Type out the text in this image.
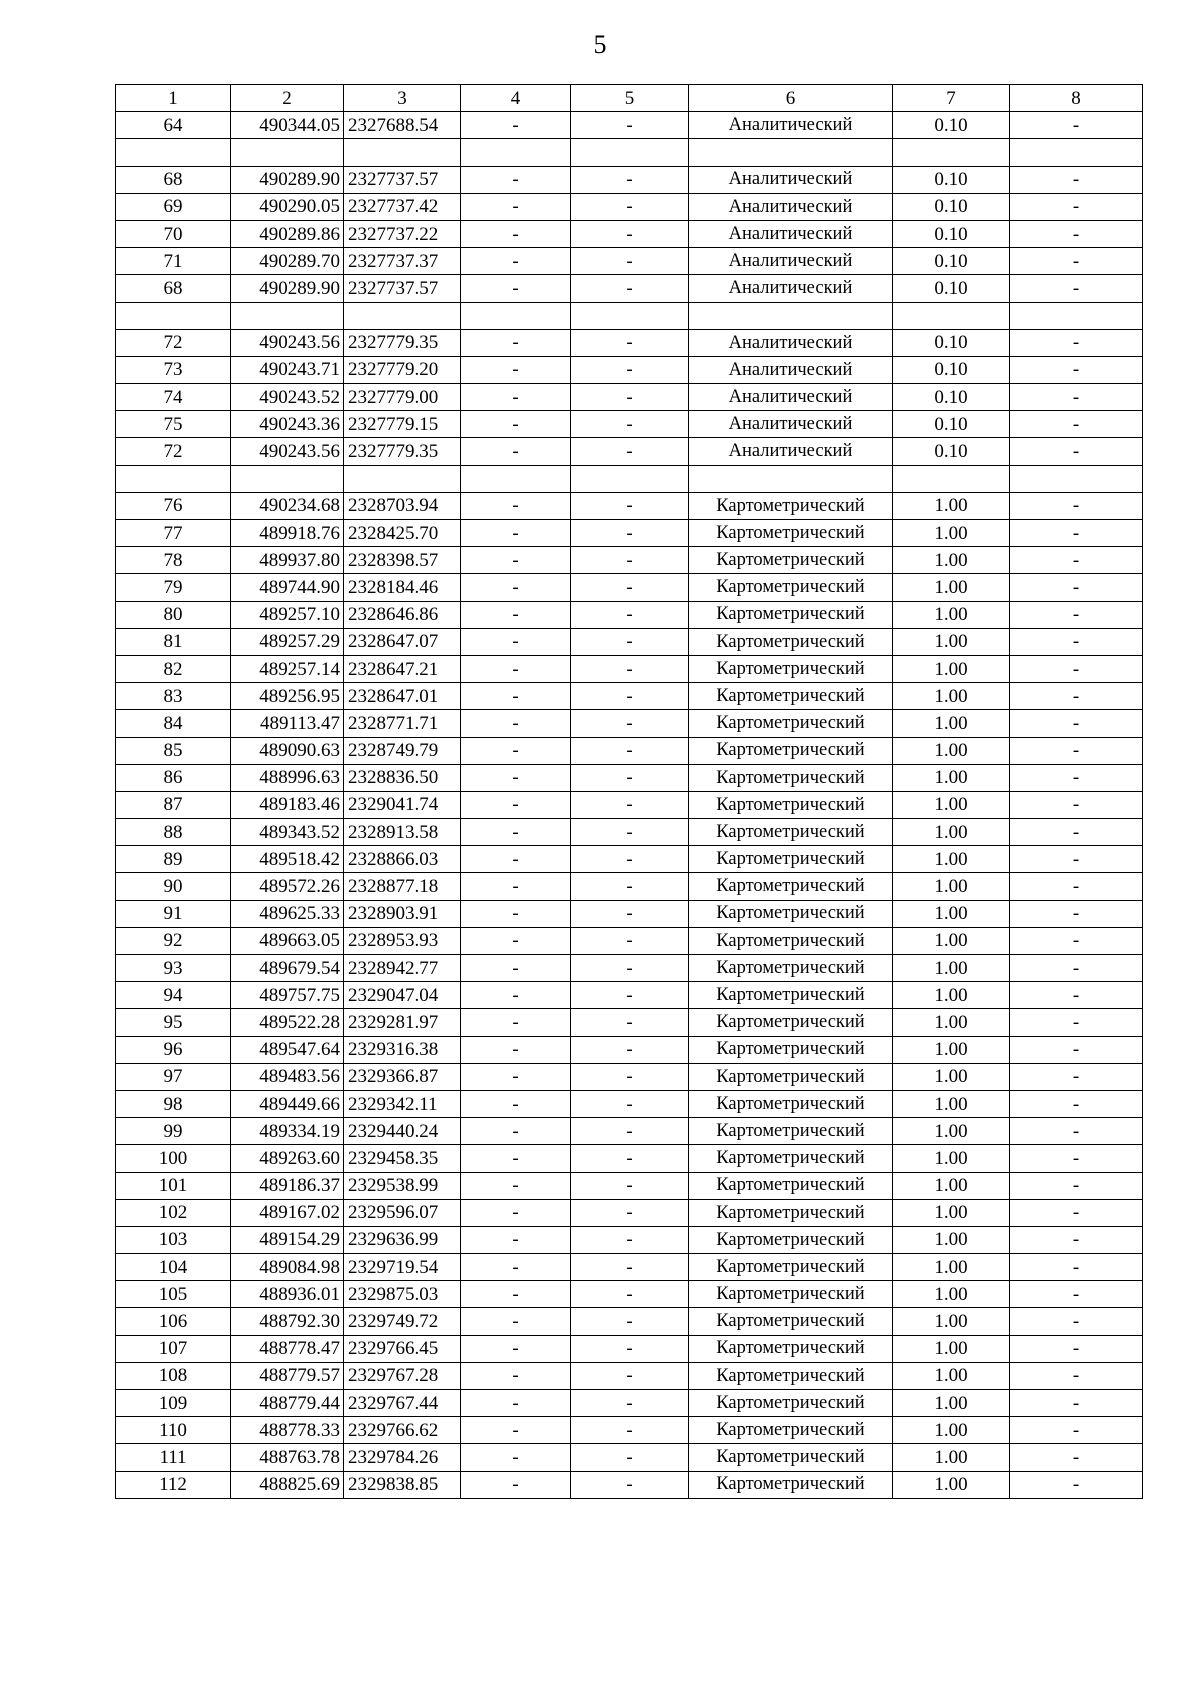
5
1	2	3	4	5	6	7	8
64	490344.05	2327688.54	-	-	Аналитический	0.10	-

68	490289.90	2327737.57	-	-	Аналитический	0.10	-
69	490290.05	2327737.42	-	-	Аналитический	0.10	-
70	490289.86	2327737.22	-	-	Аналитический	0.10	-
71	490289.70	2327737.37	-	-	Аналитический	0.10	-
68	490289.90	2327737.57	-	-	Аналитический	0.10	-

72	490243.56	2327779.35	-	-	Аналитический	0.10	-
73	490243.71	2327779.20	-	-	Аналитический	0.10	-
74	490243.52	2327779.00	-	-	Аналитический	0.10	-
75	490243.36	2327779.15	-	-	Аналитический	0.10	-
72	490243.56	2327779.35	-	-	Аналитический	0.10	-

76	490234.68	2328703.94	-	-	Картометрический	1.00	-
77	489918.76	2328425.70	-	-	Картометрический	1.00	-
78	489937.80	2328398.57	-	-	Картометрический	1.00	-
79	489744.90	2328184.46	-	-	Картометрический	1.00	-
80	489257.10	2328646.86	-	-	Картометрический	1.00	-
81	489257.29	2328647.07	-	-	Картометрический	1.00	-
82	489257.14	2328647.21	-	-	Картометрический	1.00	-
83	489256.95	2328647.01	-	-	Картометрический	1.00	-
84	489113.47	2328771.71	-	-	Картометрический	1.00	-
85	489090.63	2328749.79	-	-	Картометрический	1.00	-
86	488996.63	2328836.50	-	-	Картометрический	1.00	-
87	489183.46	2329041.74	-	-	Картометрический	1.00	-
88	489343.52	2328913.58	-	-	Картометрический	1.00	-
89	489518.42	2328866.03	-	-	Картометрический	1.00	-
90	489572.26	2328877.18	-	-	Картометрический	1.00	-
91	489625.33	2328903.91	-	-	Картометрический	1.00	-
92	489663.05	2328953.93	-	-	Картометрический	1.00	-
93	489679.54	2328942.77	-	-	Картометрический	1.00	-
94	489757.75	2329047.04	-	-	Картометрический	1.00	-
95	489522.28	2329281.97	-	-	Картометрический	1.00	-
96	489547.64	2329316.38	-	-	Картометрический	1.00	-
97	489483.56	2329366.87	-	-	Картометрический	1.00	-
98	489449.66	2329342.11	-	-	Картометрический	1.00	-
99	489334.19	2329440.24	-	-	Картометрический	1.00	-
100	489263.60	2329458.35	-	-	Картометрический	1.00	-
101	489186.37	2329538.99	-	-	Картометрический	1.00	-
102	489167.02	2329596.07	-	-	Картометрический	1.00	-
103	489154.29	2329636.99	-	-	Картометрический	1.00	-
104	489084.98	2329719.54	-	-	Картометрический	1.00	-
105	488936.01	2329875.03	-	-	Картометрический	1.00	-
106	488792.30	2329749.72	-	-	Картометрический	1.00	-
107	488778.47	2329766.45	-	-	Картометрический	1.00	-
108	488779.57	2329767.28	-	-	Картометрический	1.00	-
109	488779.44	2329767.44	-	-	Картометрический	1.00	-
110	488778.33	2329766.62	-	-	Картометрический	1.00	-
111	488763.78	2329784.26	-	-	Картометрический	1.00	-
112	488825.69	2329838.85	-	-	Картометрический	1.00	-
